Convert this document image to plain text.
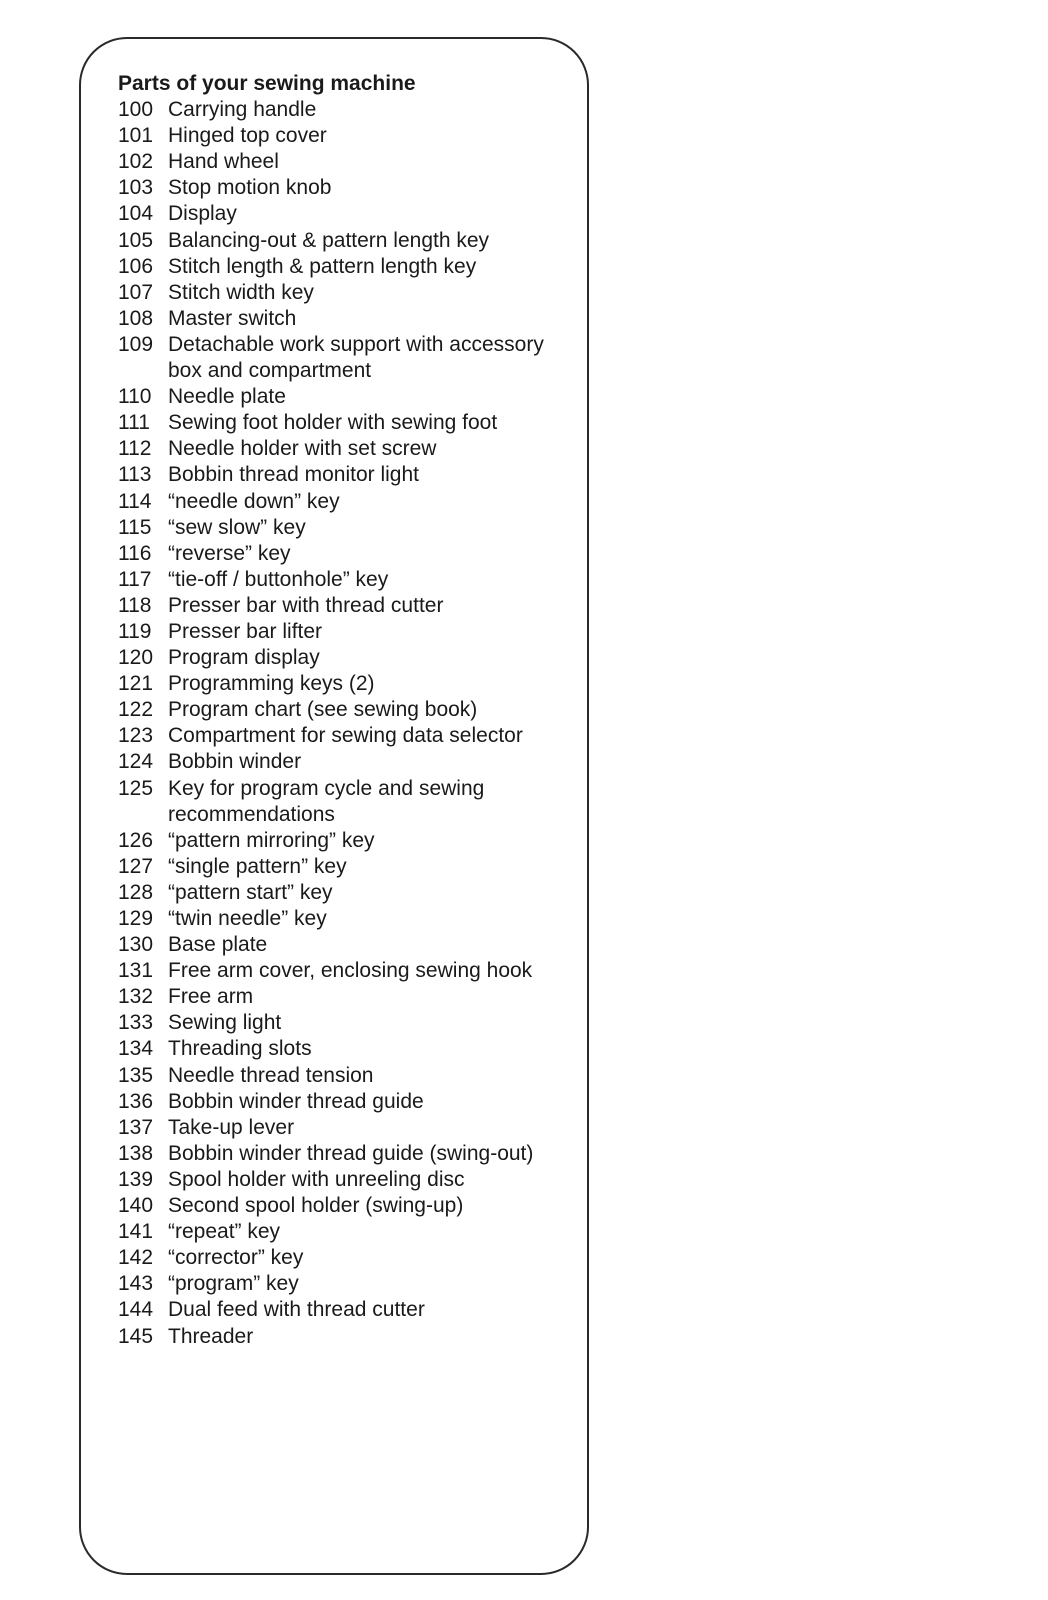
Parts of your sewing machine
100 Carrying handle
101 Hinged top cover
102 Hand wheel
103 Stop motion knob
104 Display
105 Balancing-out & pattern length key
106 Stitch length & pattern length key
107 Stitch width key
108 Master switch
109 Detachable work support with accessory box and compartment
110 Needle plate
111 Sewing foot holder with sewing foot
112 Needle holder with set screw
113 Bobbin thread monitor light
114 “needle down” key
115 “sew slow” key
116 “reverse” key
117 “tie-off / buttonhole” key
118 Presser bar with thread cutter
119 Presser bar lifter
120 Program display
121 Programming keys (2)
122 Program chart (see sewing book)
123 Compartment for sewing data selector
124 Bobbin winder
125 Key for program cycle and sewing recommendations
126 “pattern mirroring” key
127 “single pattern” key
128 “pattern start” key
129 “twin needle” key
130 Base plate
131 Free arm cover, enclosing sewing hook
132 Free arm
133 Sewing light
134 Threading slots
135 Needle thread tension
136 Bobbin winder thread guide
137 Take-up lever
138 Bobbin winder thread guide (swing-out)
139 Spool holder with unreeling disc
140 Second spool holder (swing-up)
141 “repeat” key
142 “corrector” key
143 “program” key
144 Dual feed with thread cutter
145 Threader
